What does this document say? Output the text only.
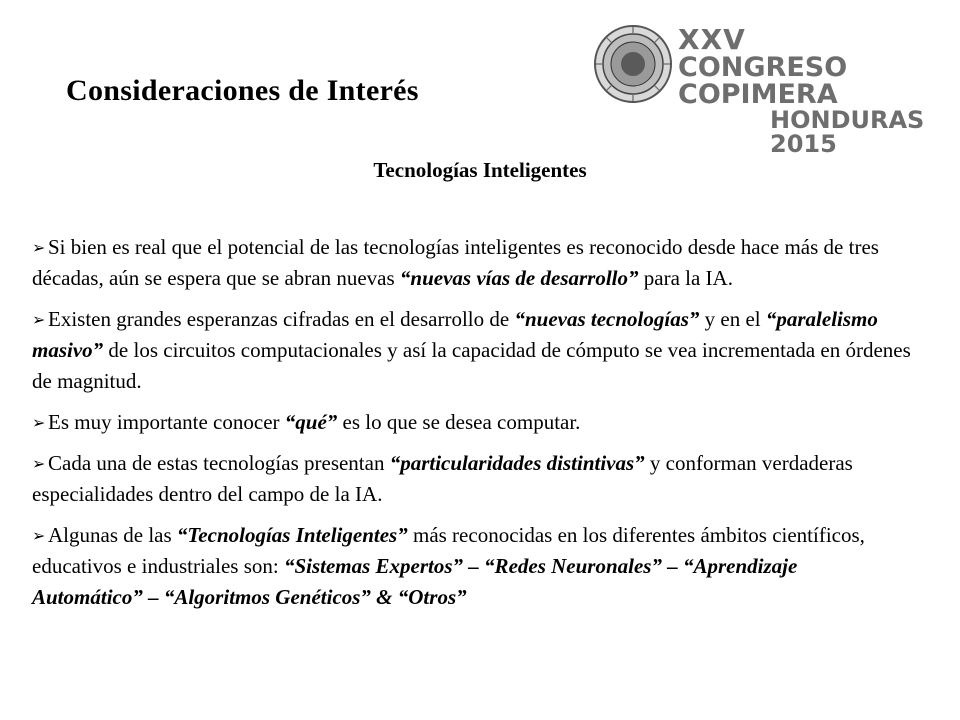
Consideraciones de Interés
XXV
CONGRESO COPIMERA
HONDURAS 2015
Tecnologías Inteligentes
➢ Si bien es real que el potencial de las tecnologías inteligentes es reconocido desde hace más de tres décadas, aún se espera que se abran nuevas “nuevas vías de desarrollo” para la IA.
➢ Existen grandes esperanzas cifradas en el desarrollo de “nuevas tecnologías” y en el “paralelismo masivo” de los circuitos computacionales y así la capacidad de cómputo se vea incrementada en órdenes de magnitud.
➢ Es muy importante conocer “qué” es lo que se desea computar.
➢ Cada una de estas tecnologías presentan “particularidades distintivas” y conforman verdaderas especialidades dentro del campo de la IA.
➢ Algunas de las “Tecnologías Inteligentes” más reconocidas en los diferentes ámbitos científicos, educativos e industriales son: “Sistemas Expertos” – “Redes Neuronales” – “Aprendizaje Automático” – “Algoritmos Genéticos” & “Otros”
